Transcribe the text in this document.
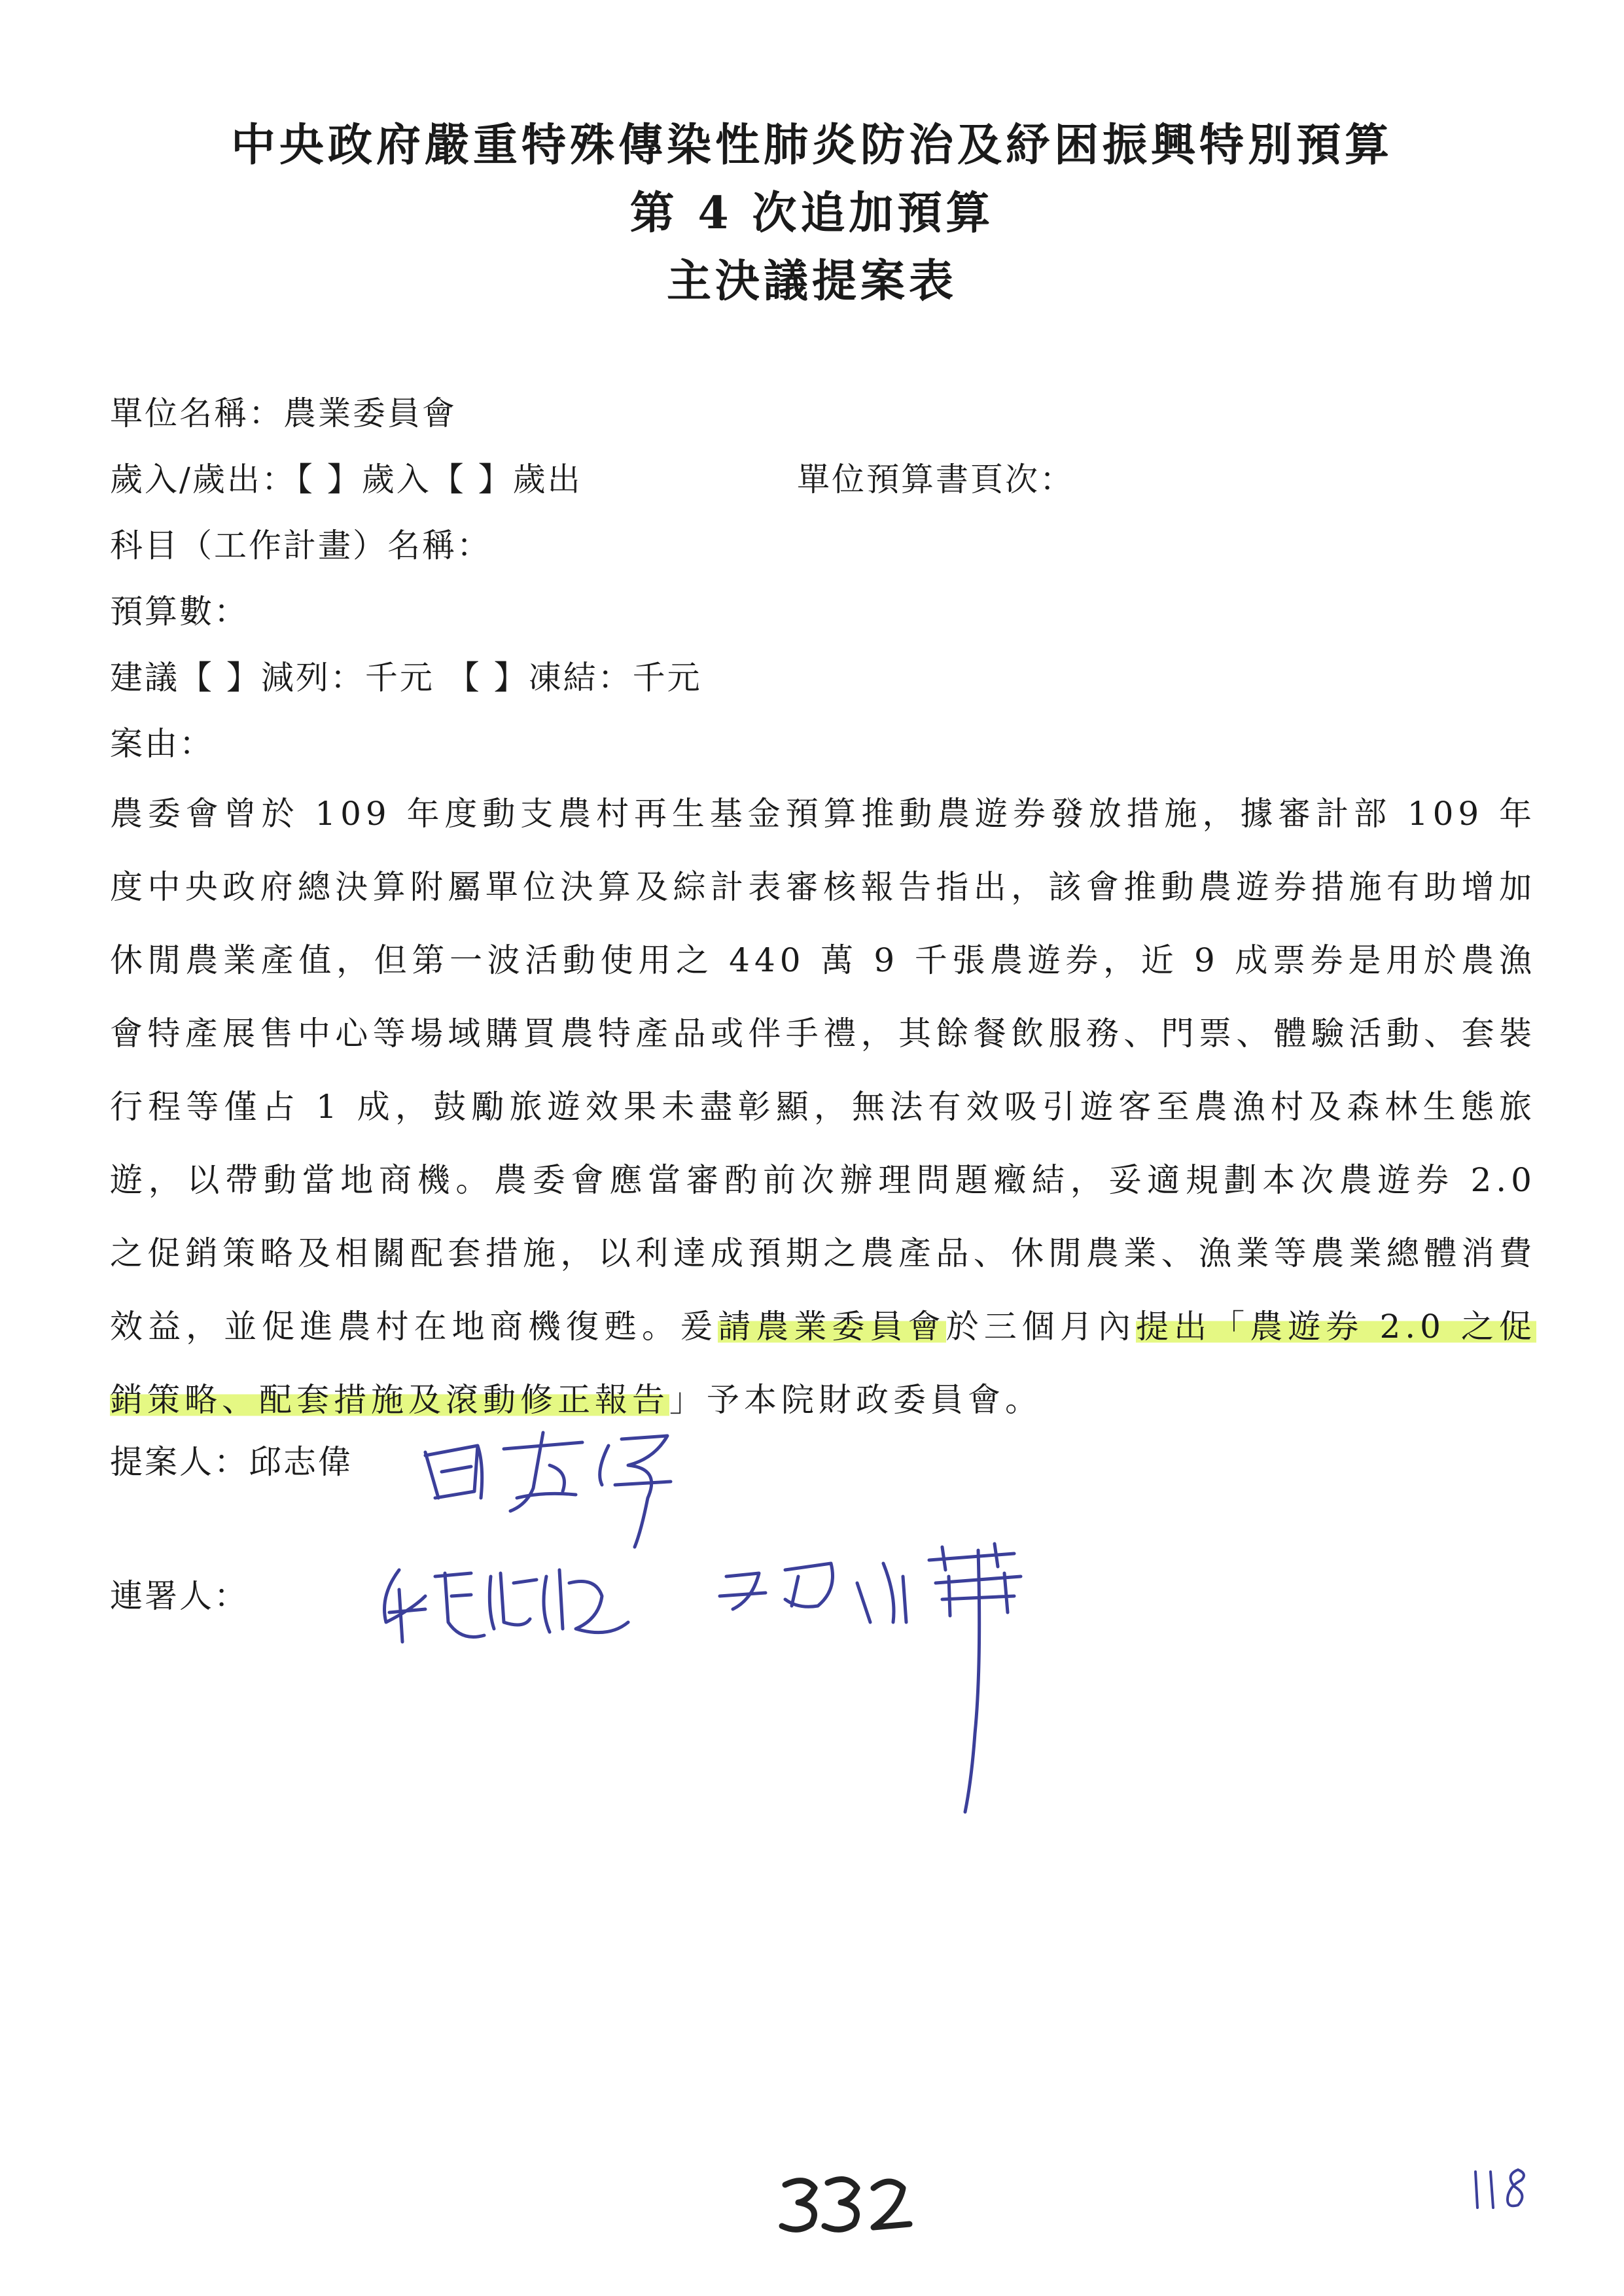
中央政府嚴重特殊傳染性肺炎防治及紓困振興特別預算
第 4 次追加預算
主決議提案表
單位名稱：農業委員會
歲入/歲出：【 】歲入【 】歲出	單位預算書頁次：
科目（工作計畫）名稱：
預算數：
建議【 】減列：千元 【 】凍結：千元
案由：
農委會曾於 109 年度動支農村再生基金預算推動農遊券發放措施，據審計部 109 年度中央政府總決算附屬單位決算及綜計表審核報告指出，該會推動農遊券措施有助增加休閒農業產值，但第一波活動使用之 440 萬 9 千張農遊券，近 9 成票券是用於農漁會特產展售中心等場域購買農特產品或伴手禮，其餘餐飲服務、門票、體驗活動、套裝行程等僅占 1 成，鼓勵旅遊效果未盡彰顯，無法有效吸引遊客至農漁村及森林生態旅遊，以帶動當地商機。農委會應當審酌前次辦理問題癥結，妥適規劃本次農遊券 2.0 之促銷策略及相關配套措施，以利達成預期之農產品、休閒農業、漁業等農業總體消費效益，並促進農村在地商機復甦。爰請農業委員會於三個月內提出「農遊券 2.0 之促銷策略、配套措施及滾動修正報告」予本院財政委員會。
提案人：邱志偉
連署人：
